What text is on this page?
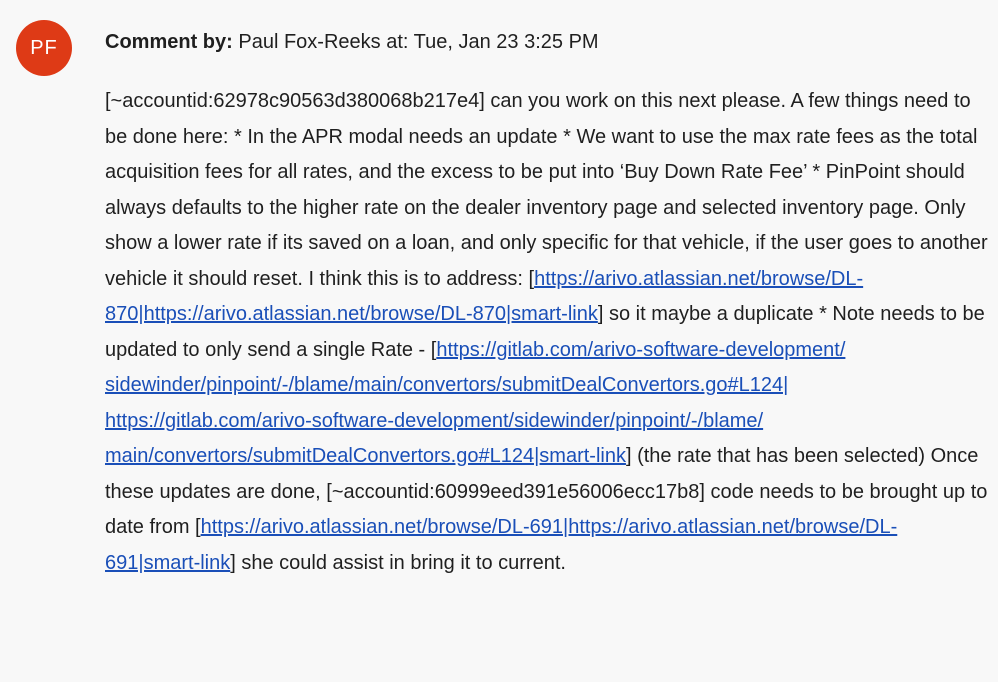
PF Comment by: Paul Fox-Reeks at: Tue, Jan 23 3:25 PM
[~accountid:62978c90563d380068b217e4] can you work on this next please. A few things need to be done here: * In the APR modal needs an update * We want to use the max rate fees as the total acquisition fees for all rates, and the excess to be put into ‘Buy Down Rate Fee’ * PinPoint should always defaults to the higher rate on the dealer inventory page and selected inventory page. Only show a lower rate if its saved on a loan, and only specific for that vehicle, if the user goes to another vehicle it should reset. I think this is to address: [https://arivo.atlassian.net/browse/DL-870|https://arivo.​atlassian.net/browse/DL-870|smart-link] so it maybe a duplicate * Note needs to be updated to only send a single Rate - [https://gitlab.com/arivo-software-development/​sidewinder/pinpoint/-/blame/main/convertors/submitDealConvertors.go#L124|​https://gitlab.com/arivo-software-development/sidewinder/pinpoint/-/blame/​main/convertors/submitDealConvertors.go#L124|smart-link] (the rate that has been selected) Once these updates are done, [~accountid:60999eed391e56006ecc17b8] code needs to be brought up to date from [https://arivo.atlassian.net/browse/DL-​691|https://arivo.atlassian.net/browse/DL-691|smart-link] she could assist in bring it to current.
